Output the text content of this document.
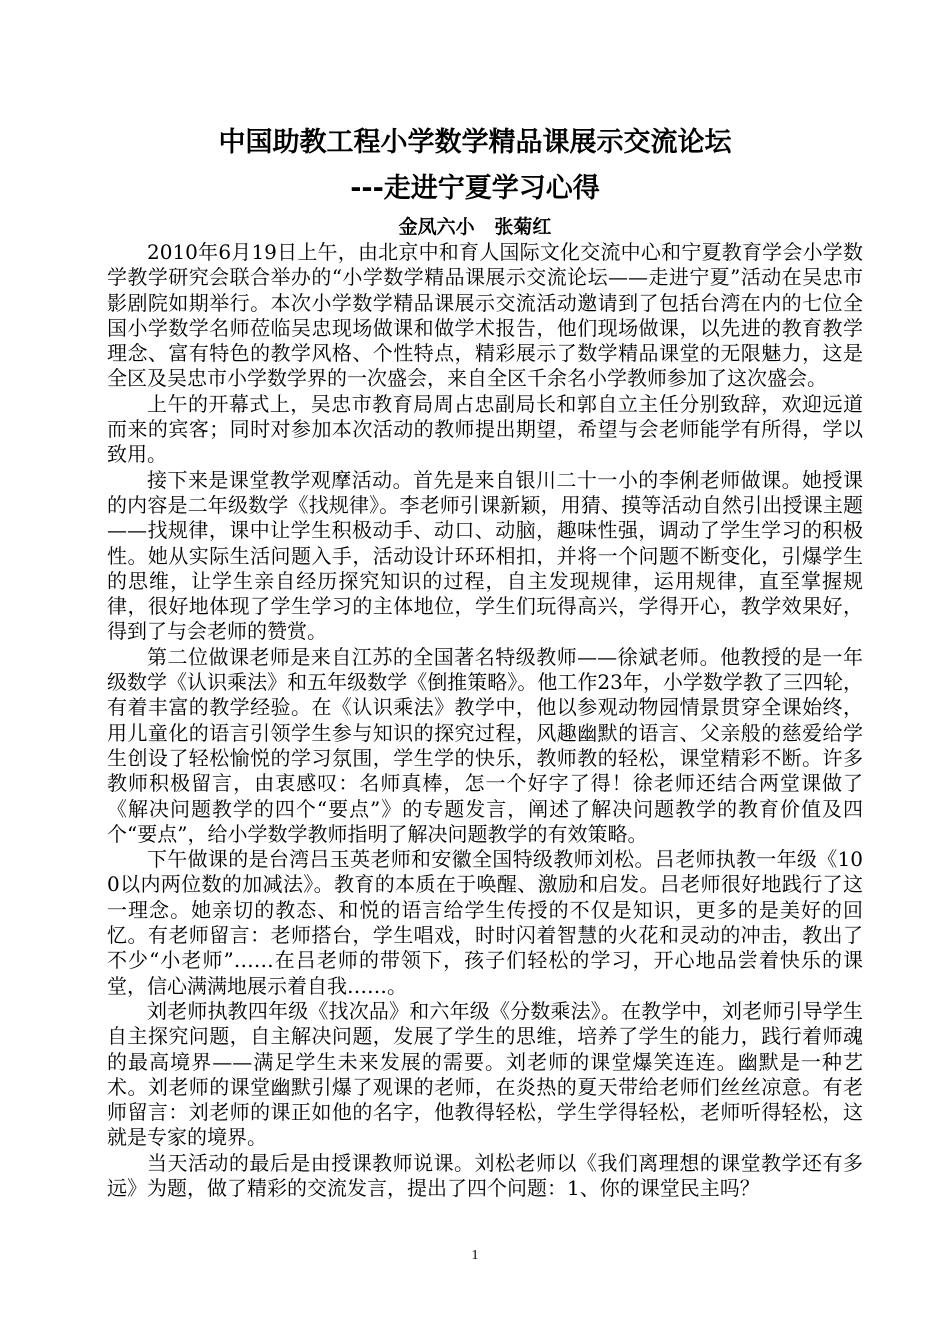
中国助教工程小学数学精品课展示交流论坛
---走进宁夏学习心得
金凤六小   张菊红

2010年6月19日上午，由北京中和育人国际文化交流中心和宁夏教育学会小学数学教学研究会联合举办的“小学数学精品课展示交流论坛——走进宁夏”活动在吴忠市影剧院如期举行。本次小学数学精品课展示交流活动邀请到了包括台湾在内的七位全国小学数学名师莅临吴忠现场做课和做学术报告，他们现场做课，以先进的教育教学理念、富有特色的教学风格、个性特点，精彩展示了数学精品课堂的无限魅力，这是全区及吴忠市小学数学界的一次盛会，来自全区千余名小学教师参加了这次盛会。

上午的开幕式上，吴忠市教育局周占忠副局长和郭自立主任分别致辞，欢迎远道而来的宾客；同时对参加本次活动的教师提出期望，希望与会老师能学有所得，学以致用。

接下来是课堂教学观摩活动。首先是来自银川二十一小的李俐老师做课。她授课的内容是二年级数学《找规律》。李老师引课新颖，用猜、摸等活动自然引出授课主题——找规律，课中让学生积极动手、动口、动脑，趣味性强，调动了学生学习的积极性。她从实际生活问题入手，活动设计环环相扣，并将一个问题不断变化，引爆学生的思维，让学生亲自经历探究知识的过程，自主发现规律，运用规律，直至掌握规律，很好地体现了学生学习的主体地位，学生们玩得高兴，学得开心，教学效果好，得到了与会老师的赞赏。

第二位做课老师是来自江苏的全国著名特级教师——徐斌老师。他教授的是一年级数学《认识乘法》和五年级数学《倒推策略》。他工作23年，小学数学教了三四轮，有着丰富的教学经验。在《认识乘法》教学中，他以参观动物园情景贯穿全课始终，用儿童化的语言引领学生参与知识的探究过程，风趣幽默的语言、父亲般的慈爱给学生创设了轻松愉悦的学习氛围，学生学的快乐，教师教的轻松，课堂精彩不断。许多教师积极留言，由衷感叹：名师真棒，怎一个好字了得！徐老师还结合两堂课做了《解决问题教学的四个“要点”》的专题发言，阐述了解决问题教学的教育价值及四个“要点”，给小学数学教师指明了解决问题教学的有效策略。

下午做课的是台湾吕玉英老师和安徽全国特级教师刘松。吕老师执教一年级《100以内两位数的加减法》。教育的本质在于唤醒、激励和启发。吕老师很好地践行了这一理念。她亲切的教态、和悦的语言给学生传授的不仅是知识，更多的是美好的回忆。有老师留言：老师搭台，学生唱戏，时时闪着智慧的火花和灵动的冲击，教出了不少“小老师”……在吕老师的带领下，孩子们轻松的学习，开心地品尝着快乐的课堂，信心满满地展示着自我……。

刘老师执教四年级《找次品》和六年级《分数乘法》。在教学中，刘老师引导学生自主探究问题，自主解决问题，发展了学生的思维，培养了学生的能力，践行着师魂的最高境界——满足学生未来发展的需要。刘老师的课堂爆笑连连。幽默是一种艺术。刘老师的课堂幽默引爆了观课的老师，在炎热的夏天带给老师们丝丝凉意。有老师留言：刘老师的课正如他的名字，他教得轻松，学生学得轻松，老师听得轻松，这就是专家的境界。

当天活动的最后是由授课教师说课。刘松老师以《我们离理想的课堂教学还有多远》为题，做了精彩的交流发言，提出了四个问题：1、你的课堂民主吗？

1
